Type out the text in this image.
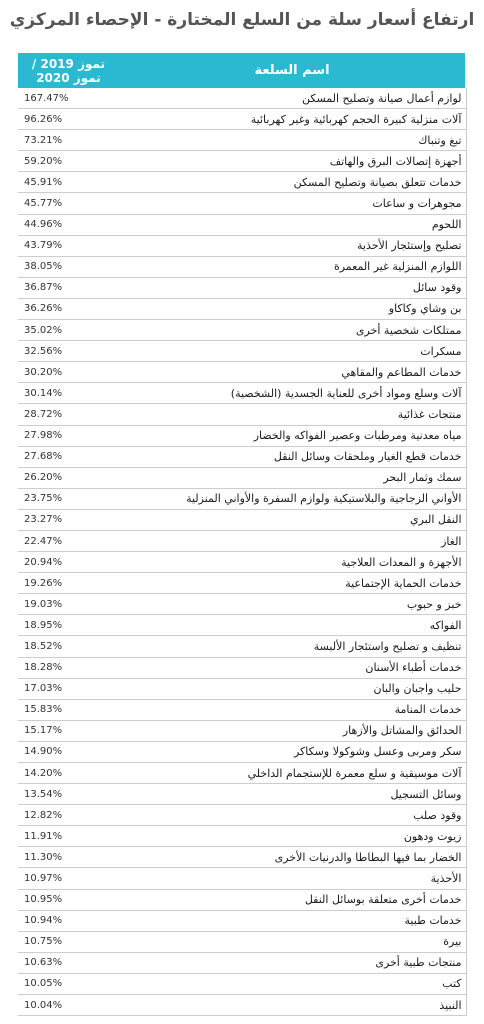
ارتفاع أسعار سلة من السلع المختارة - الإحصاء المركزي
تموز 2019 /
تموز 2020	اسم السلعة
167.47%	لوازم أعمال صيانة وتصليح المسكن
96.26%	آلات منزلية كبيرة الحجم كهربائية وغير كهربائية
73.21%	تبغ وتنباك
59.20%	أجهزة إتصالات البرق والهاتف
45.91%	خدمات تتعلق بصيانة وتصليح المسكن
45.77%	مجوهرات و ساعات
44.96%	اللحوم
43.79%	تصليح وإستئجار الأحذية
38.05%	اللوازم المنزلية غير المعمرة
36.87%	وقود سائل
36.26%	بن وشاي وكاكاو
35.02%	ممتلكات شخصية أخرى
32.56%	مسكرات
30.20%	خدمات المطاعم والمقاهي
30.14%	آلات وسلع ومواد أخرى للعناية الجسدية (الشخصية)
28.72%	منتجات غذائية
27.98%	مياه معدنية ومرطبات وعصير الفواكه والخضار
27.68%	خدمات قطع الغيار وملحقات وسائل النقل
26.20%	سمك وثمار البحر
23.75%	الأواني الزجاجية والبلاستيكية ولوازم السفرة والأواني المنزلية
23.27%	النقل البري
22.47%	الغاز
20.94%	الأجهزة و المعدات العلاجية
19.26%	خدمات الحماية الإجتماعية
19.03%	خبز و حبوب
18.95%	الفواكه
18.52%	تنظيف و تصليح واستئجار الألبسة
18.28%	خدمات أطباء الأسنان
17.03%	حليب واجبان والبان
15.83%	خدمات المنامة
15.17%	الحدائق والمشاتل والأزهار
14.90%	سكر ومربى وعسل وشوكولا وسكاكر
14.20%	آلات موسيقية و سلع معمرة للإستجمام الداخلي
13.54%	وسائل التسجيل
12.82%	وقود صلب
11.91%	زيوت ودهون
11.30%	الخضار بما فيها البطاطا والدرنيات الأخرى
10.97%	الأحذية
10.95%	خدمات أخرى متعلقة بوسائل النقل
10.94%	خدمات طبية
10.75%	بيرة
10.63%	منتجات طبية أخرى
10.05%	كتب
10.04%	النبيذ
